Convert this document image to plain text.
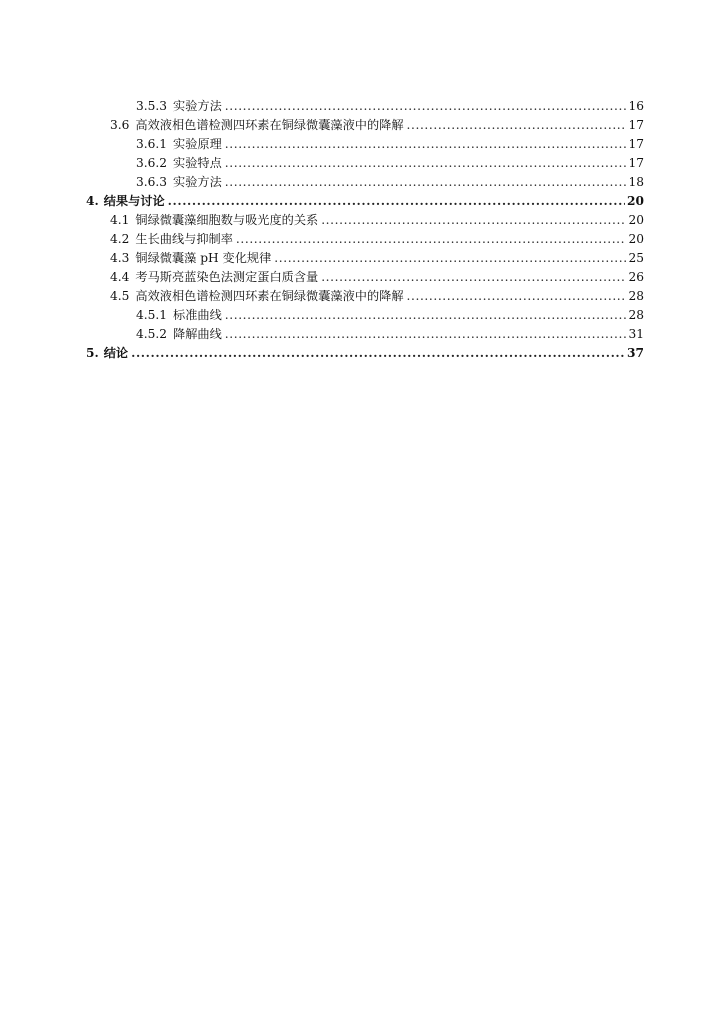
3.5.3 实验方法 .....	16
3.6 高效液相色谱检测四环素在铜绿微囊藻液中的降解 .....	17
3.6.1 实验原理 .....	17
3.6.2 实验特点 .....	17
3.6.3 实验方法 .....	18
4. 结果与讨论 .....	20
4.1 铜绿微囊藻细胞数与吸光度的关系 .....	20
4.2 生长曲线与抑制率 .....	20
4.3 铜绿微囊藻 pH 变化规律 .....	25
4.4 考马斯亮蓝染色法测定蛋白质含量 .....	26
4.5 高效液相色谱检测四环素在铜绿微囊藻液中的降解 .....	28
4.5.1 标准曲线 .....	28
4.5.2 降解曲线 .....	31
5. 结论 .....	37
